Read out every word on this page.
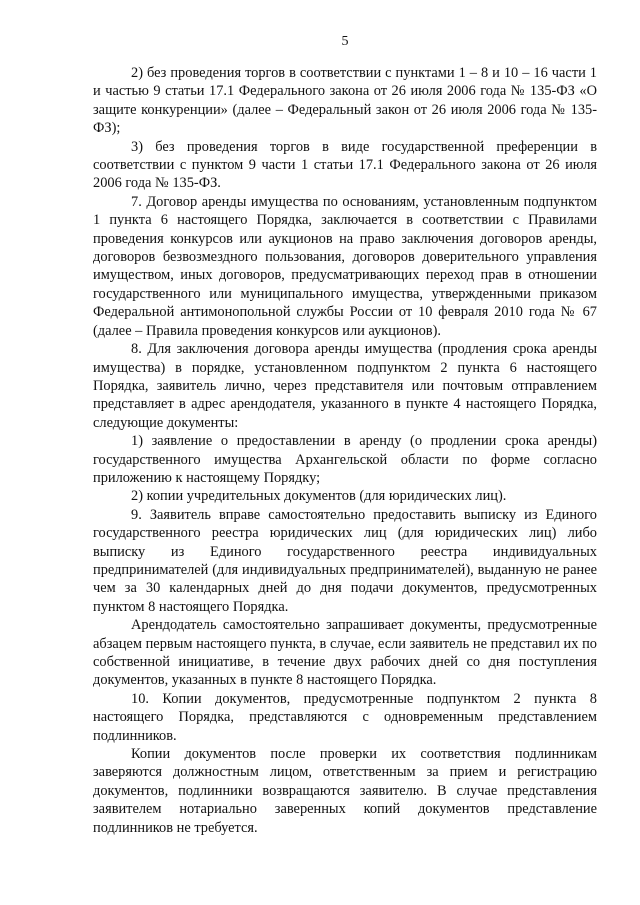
5

2) без проведения торгов в соответствии с пунктами 1 – 8 и 10 – 16 части 1 и частью 9 статьи 17.1 Федерального закона от 26 июля 2006 года № 135-ФЗ «О защите конкуренции» (далее – Федеральный закон от 26 июля 2006 года № 135-ФЗ);

3) без проведения торгов в виде государственной преференции в соответствии с пунктом 9 части 1 статьи 17.1 Федерального закона от 26 июля 2006 года № 135-ФЗ.

7. Договор аренды имущества по основаниям, установленным подпунктом 1 пункта 6 настоящего Порядка, заключается в соответствии с Правилами проведения конкурсов или аукционов на право заключения договоров аренды, договоров безвозмездного пользования, договоров доверительного управления имуществом, иных договоров, предусматривающих переход прав в отношении государственного или муниципального имущества, утвержденными приказом Федеральной антимонопольной службы России от 10 февраля 2010 года № 67 (далее – Правила проведения конкурсов или аукционов).

8. Для заключения договора аренды имущества (продления срока аренды имущества) в порядке, установленном подпунктом 2 пункта 6 настоящего Порядка, заявитель лично, через представителя или почтовым отправлением представляет в адрес арендодателя, указанного в пункте 4 настоящего Порядка, следующие документы:

1) заявление о предоставлении в аренду (о продлении срока аренды) государственного имущества Архангельской области по форме согласно приложению к настоящему Порядку;

2) копии учредительных документов (для юридических лиц).

9. Заявитель вправе самостоятельно предоставить выписку из Единого государственного реестра юридических лиц (для юридических лиц) либо выписку из Единого государственного реестра индивидуальных предпринимателей (для индивидуальных предпринимателей), выданную не ранее чем за 30 календарных дней до дня подачи документов, предусмотренных пунктом 8 настоящего Порядка.

Арендодатель самостоятельно запрашивает документы, предусмотренные абзацем первым настоящего пункта, в случае, если заявитель не представил их по собственной инициативе, в течение двух рабочих дней со дня поступления документов, указанных в пункте 8 настоящего Порядка.

10. Копии документов, предусмотренные подпунктом 2 пункта 8 настоящего Порядка, представляются с одновременным представлением подлинников.

Копии документов после проверки их соответствия подлинникам заверяются должностным лицом, ответственным за прием и регистрацию документов, подлинники возвращаются заявителю. В случае представления заявителем нотариально заверенных копий документов представление подлинников не требуется.
